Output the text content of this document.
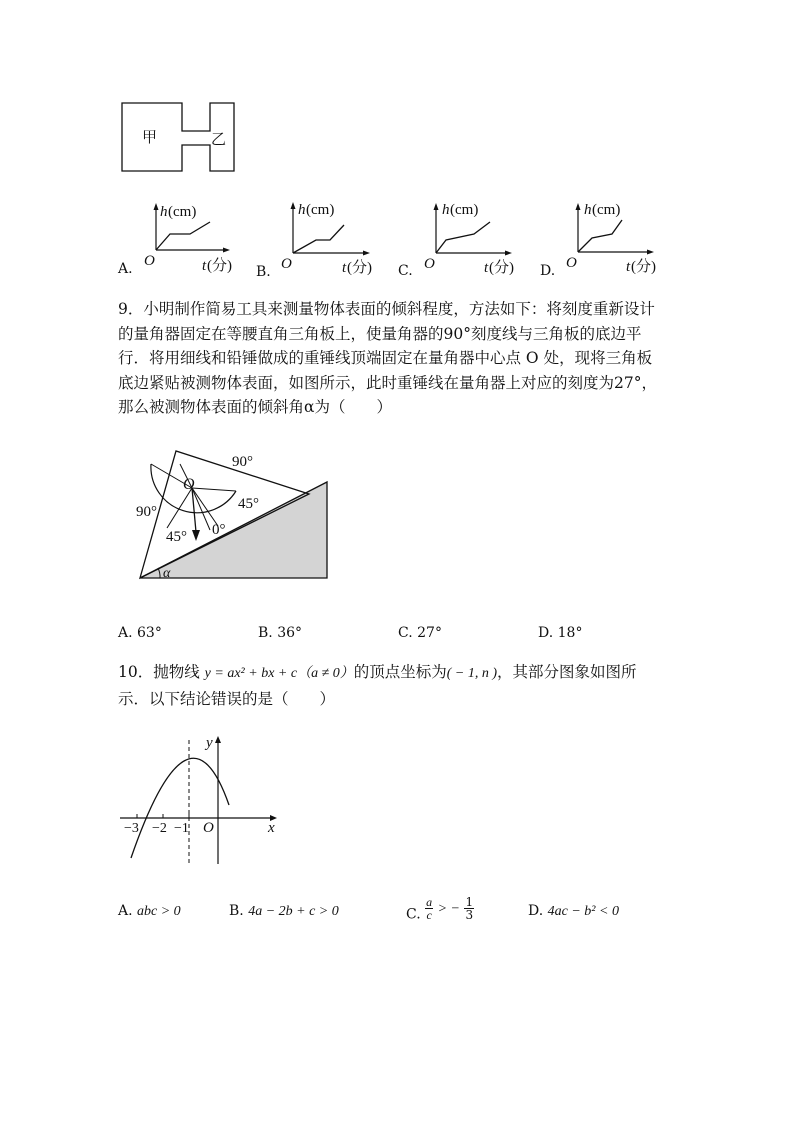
甲	乙
A.
h (cm)
O	t (分) B.
h (cm)
O	t (分) C.
h (cm)
O	t (分) D.
h (cm)
O	t (分)
9．小明制作简易工具来测量物体表面的倾斜程度，方法如下：将刻度重新设计
的量角器固定在等腰直角三角板上，使量角器的90°刻度线与三角板的底边平
行．将用细线和铅锤做成的重锤线顶端固定在量角器中心点 O 处，现将三角板
底边紧贴被测物体表面，如图所示，此时重锤线在量角器上对应的刻度为27°，
那么被测物体表面的倾斜角α为（　　）
90°
90°	45°
45° 0°
O
α
A. 63°	B. 36°	C. 27°	D. 18°
10．抛物线 y = ax² + bx + c（a ≠ 0）的顶点坐标为( − 1, n )，其部分图象如图所
示．以下结论错误的是（　　）
y
x
O
−3 −2 −1
A. abc > 0	B. 4a − 2b + c > 0	C. $\frac{a}{c}$ > − $\frac{1}{3}$	D. 4ac − b² < 0
